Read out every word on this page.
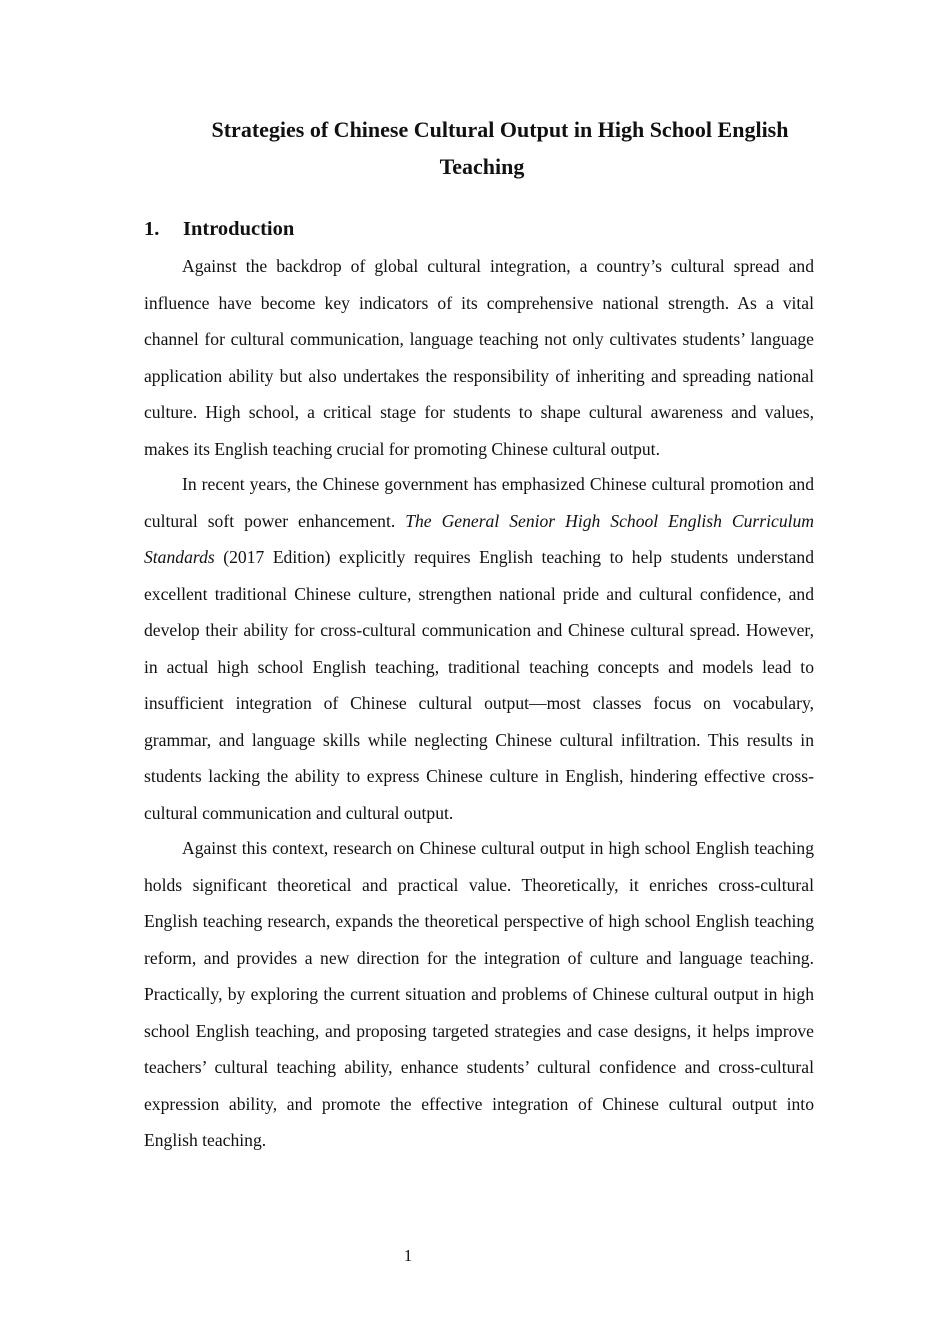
Strategies of Chinese Cultural Output in High School English
Teaching
1. Introduction

Against the backdrop of global cultural integration, a country’s cultural spread and influence have become key indicators of its comprehensive national strength. As a vital channel for cultural communication, language teaching not only cultivates students’ language application ability but also undertakes the responsibility of inheriting and spreading national culture. High school, a critical stage for students to shape cultural awareness and values, makes its English teaching crucial for promoting Chinese cultural output.

In recent years, the Chinese government has emphasized Chinese cultural promotion and cultural soft power enhancement. The General Senior High School English Curriculum Standards (2017 Edition) explicitly requires English teaching to help students understand excellent traditional Chinese culture, strengthen national pride and cultural confidence, and develop their ability for cross-cultural communication and Chinese cultural spread. However, in actual high school English teaching, traditional teaching concepts and models lead to insufficient integration of Chinese cultural output—most classes focus on vocabulary, grammar, and language skills while neglecting Chinese cultural infiltration. This results in students lacking the ability to express Chinese culture in English, hindering effective cross-cultural communication and cultural output.

Against this context, research on Chinese cultural output in high school English teaching holds significant theoretical and practical value. Theoretically, it enriches cross-cultural English teaching research, expands the theoretical perspective of high school English teaching reform, and provides a new direction for the integration of culture and language teaching. Practically, by exploring the current situation and problems of Chinese cultural output in high school English teaching, and proposing targeted strategies and case designs, it helps improve teachers’ cultural teaching ability, enhance students’ cultural confidence and cross-cultural expression ability, and promote the effective integration of Chinese cultural output into English teaching.

1
